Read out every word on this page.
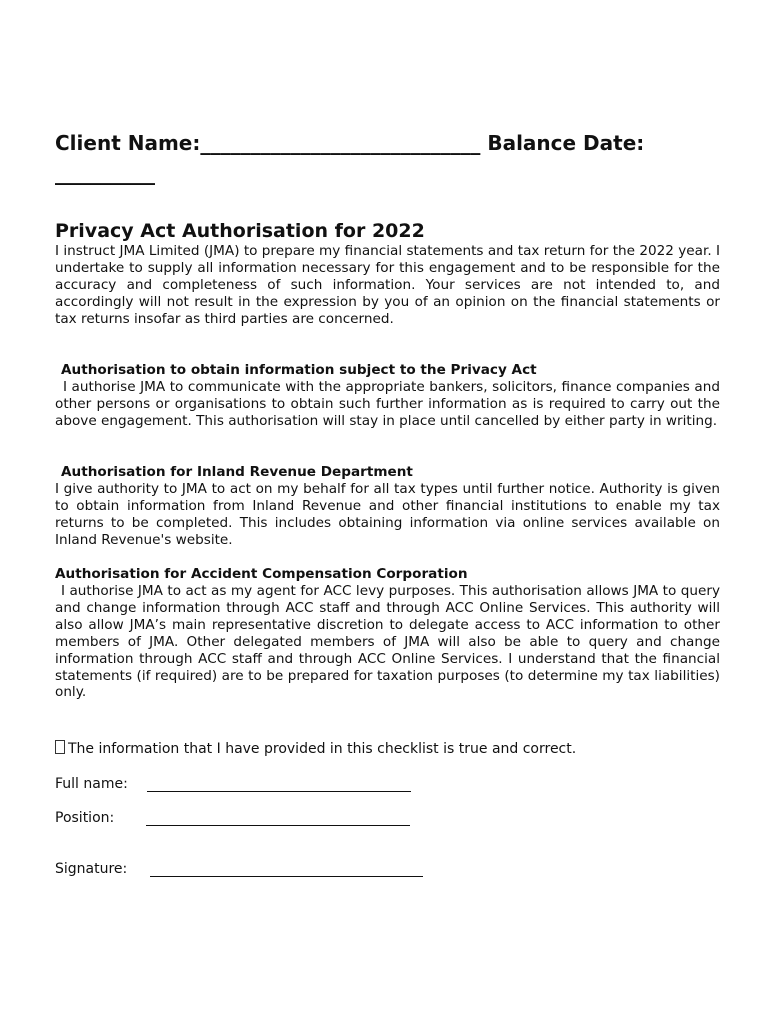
Client Name:____________________________ Balance Date:
__________
Privacy Act Authorisation for 2022

I instruct JMA Limited (JMA) to prepare my financial statements and tax return for the 2022 year. I undertake to supply all information necessary for this engagement and to be responsible for the accuracy and completeness of such information. Your services are not intended to, and accordingly will not result in the expression by you of an opinion on the financial statements or tax returns insofar as third parties are concerned.

Authorisation to obtain information subject to the Privacy Act

I authorise JMA to communicate with the appropriate bankers, solicitors, finance companies and other persons or organisations to obtain such further information as is required to carry out the above engagement. This authorisation will stay in place until cancelled by either party in writing.

Authorisation for Inland Revenue Department

I give authority to JMA to act on my behalf for all tax types until further notice. Authority is given to obtain information from Inland Revenue and other financial institutions to enable my tax returns to be completed. This includes obtaining information via online services available on Inland Revenue's website.

Authorisation for Accident Compensation Corporation

I authorise JMA to act as my agent for ACC levy purposes. This authorisation allows JMA to query and change information through ACC staff and through ACC Online Services. This authority will also allow JMA’s main representative discretion to delegate access to ACC information to other members of JMA. Other delegated members of JMA will also be able to query and change information through ACC staff and through ACC Online Services. I understand that the financial statements (if required) are to be prepared for taxation purposes (to determine my tax liabilities) only.

The information that I have provided in this checklist is true and correct.
Full name:
Position:
Signature:
